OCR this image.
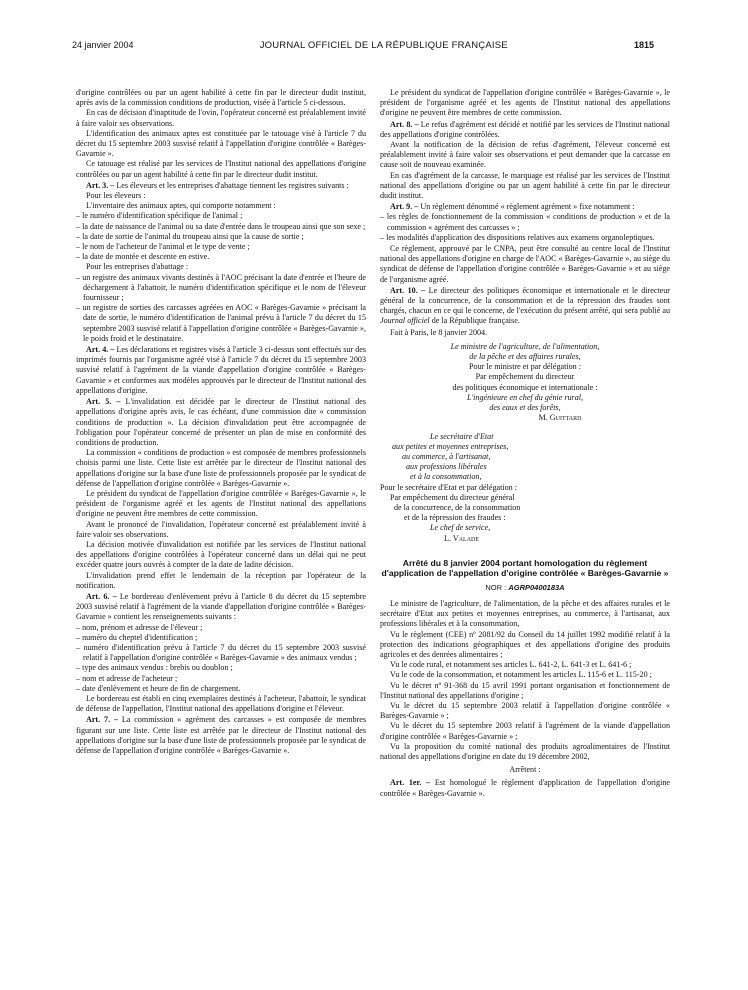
24 janvier 2004	JOURNAL OFFICIEL DE LA RÉPUBLIQUE FRANÇAISE	1815

d'origine contrôlées ou par un agent habilité à cette fin par le directeur dudit institut, après avis de la commission conditions de production, visée à l'article 5 ci-dessous.

En cas de décision d'inaptitude de l'ovin, l'opérateur concerné est préalablement invité à faire valoir ses observations.

L'identification des animaux aptes est constituée par le tatouage visé à l'article 7 du décret du 15 septembre 2003 susvisé relatif à l'appellation d'origine contrôlée « Barèges-Gavarnie ».

Ce tatouage est réalisé par les services de l'Institut national des appellations d'origine contrôlées ou par un agent habilité à cette fin par le directeur dudit institut.

Art. 3. – Les éleveurs et les entreprises d'abattage tiennent les registres suivants :

Pour les éleveurs :

L'inventaire des animaux aptes, qui comporte notamment :

– le numéro d'identification spécifique de l'animal ;
– la date de naissance de l'animal ou sa date d'entrée dans le troupeau ainsi que son sexe ;
– la date de sortie de l'animal du troupeau ainsi que la cause de sortie ;
– le nom de l'acheteur de l'animal et le type de vente ;
– la date de montée et descente en estive.

Pour les entreprises d'abattage :

– un registre des animaux vivants destinés à l'AOC précisant la date d'entrée et l'heure de déchargement à l'abattoir, le numéro d'identification spécifique et le nom de l'éleveur fournisseur ;
– un registre de sorties des carcasses agréées en AOC « Barèges-Gavarnie » précisant la date de sortie, le numéro d'identification de l'animal prévu à l'article 7 du décret du 15 septembre 2003 susvisé relatif à l'appellation d'origine contrôlée « Barèges-Gavarnie », le poids froid et le destinataire.

Art. 4. – Les déclarations et registres visés à l'article 3 ci-dessus sont effectués sur des imprimés fournis par l'organisme agréé visé à l'article 7 du décret du 15 septembre 2003 susvisé relatif à l'agrément de la viande d'appellation d'origine contrôlée « Barèges-Gavarnie » et conformes aux modèles approuvés par le directeur de l'Institut national des appellations d'origine.

Art. 5. – L'invalidation est décidée par le directeur de l'Institut national des appellations d'origine après avis, le cas échéant, d'une commission dite « commission conditions de production ». La décision d'invalidation peut être accompagnée de l'obligation pour l'opérateur concerné de présenter un plan de mise en conformité des conditions de production.

La commission « conditions de production » est composée de membres professionnels choisis parmi une liste. Cette liste est arrêtée par le directeur de l'Institut national des appellations d'origine sur la base d'une liste de professionnels proposée par le syndicat de défense de l'appellation d'origine contrôlée « Barèges-Gavarnie ».

Le président du syndicat de l'appellation d'origine contrôlée « Barèges-Gavarnie », le président de l'organisme agréé et les agents de l'Institut national des appellations d'origine ne peuvent être membres de cette commission.

Avant le prononcé de l'invalidation, l'opérateur concerné est préalablement invité à faire valoir ses observations.

La décision motivée d'invalidation est notifiée par les services de l'Institut national des appellations d'origine contrôlées à l'opérateur concerné dans un délai qui ne peut excéder quatre jours ouvrés à compter de la date de ladite décision.

L'invalidation prend effet le lendemain de la réception par l'opérateur de la notification.

Art. 6. – Le bordereau d'enlèvement prévu à l'article 8 du décret du 15 septembre 2003 susvisé relatif à l'agrément de la viande d'appellation d'origine contrôlée « Barèges-Gavarnie » contient les renseignements suivants :

– nom, prénom et adresse de l'éleveur ;
– numéro du cheptel d'identification ;
– numéro d'identification prévu à l'article 7 du décret du 15 septembre 2003 susvisé relatif à l'appellation d'origine contrôlée « Barèges-Gavarnie » des animaux vendus ;
– type des animaux vendus : brebis ou doublon ;
– nom et adresse de l'acheteur ;
– date d'enlèvement et heure de fin de chargement.

Le bordereau est établi en cinq exemplaires destinés à l'acheteur, l'abattoir, le syndicat de défense de l'appellation, l'Institut national des appellations d'origine et l'éleveur.

Art. 7. – La commission « agrément des carcasses » est composée de membres figurant sur une liste. Cette liste est arrêtée par le directeur de l'Institut national des appellations d'origine sur la base d'une liste de professionnels proposée par le syndicat de défense de l'appellation d'origine contrôlée « Barèges-Gavarnie ».

Le président du syndicat de l'appellation d'origine contrôlée « Barèges-Gavarnie », le président de l'organisme agréé et les agents de l'Institut national des appellations d'origine ne peuvent être membres de cette commission.

Art. 8. – Le refus d'agrément est décidé et notifié par les services de l'Institut national des appellations d'origine contrôlées.

Avant la notification de la décision de refus d'agrément, l'éleveur concerné est préalablement invité à faire valoir ses observations et peut demander que la carcasse en cause soit de nouveau examinée.

En cas d'agrément de la carcasse, le marquage est réalisé par les services de l'Institut national des appellations d'origine ou par un agent habilité à cette fin par le directeur dudit institut.

Art. 9. – Un règlement dénommé « règlement agrément » fixe notamment :

– les règles de fonctionnement de la commission « conditions de production » et de la commission « agrément des carcasses » ;
– les modalités d'application des dispositions relatives aux examens organoleptiques.

Ce règlement, approuvé par le CNPA, peut être consulté au centre local de l'Institut national des appellations d'origine en charge de l'AOC « Barèges-Gavarnie », au siège du syndicat de défense de l'appellation d'origine contrôlée « Barèges-Gavarnie » et au siège de l'organisme agréé.

Art. 10. – Le directeur des politiques économique et internationale et le directeur général de la concurrence, de la consommation et de la répression des fraudes sont chargés, chacun en ce qui le concerne, de l'exécution du présent arrêté, qui sera publié au Journal officiel de la République française.

Fait à Paris, le 8 janvier 2004.

Le ministre de l'agriculture, de l'alimentation,

de la pêche et des affaires rurales,

Pour le ministre et par délégation :

Par empêchement du directeur

des politiques économique et internationale :

L'ingénieure en chef du génie rural,

des eaux et des forêts,

M. Guittard

Le secrétaire d'Etat

aux petites et moyennes entreprises,

au commerce, à l'artisanat,

aux professions libérales

et à la consommation,

Pour le secrétaire d'Etat et par délégation :

Par empêchement du directeur général

de la concurrence, de la consommation

et de la répression des fraudes :

Le chef de service,

L. Valade

Arrêté du 8 janvier 2004 portant homologation du règlement d'application de l'appellation d'origine contrôlée « Barèges-Gavarnie »

NOR : AGRP0400183A

Le ministre de l'agriculture, de l'alimentation, de la pêche et des affaires rurales et le secrétaire d'Etat aux petites et moyennes entreprises, au commerce, à l'artisanat, aux professions libérales et à la consommation,

Vu le règlement (CEE) nº 2081/92 du Conseil du 14 juillet 1992 modifié relatif à la protection des indications géographiques et des appellations d'origine des produits agricoles et des denrées alimentaires ;

Vu le code rural, et notamment ses articles L. 641-2, L. 641-3 et L. 641-6 ;

Vu le code de la consommation, et notamment les articles L. 115-6 et L. 115-20 ;

Vu le décret nº 91-368 du 15 avril 1991 portant organisation et fonctionnement de l'Institut national des appellations d'origine ;

Vu le décret du 15 septembre 2003 relatif à l'appellation d'origine contrôlée « Barèges-Gavarnie » ;

Vu le décret du 15 septembre 2003 relatif à l'agrément de la viande d'appellation d'origine contrôlée « Barèges-Gavarnie » ;

Vu la proposition du comité national des produits agroalimentaires de l'Institut national des appellations d'origine en date du 19 décembre 2002,

Arrêtent :

Art. 1er. – Est homologué le règlement d'application de l'appellation d'origine contrôlée « Barèges-Gavarnie ».
